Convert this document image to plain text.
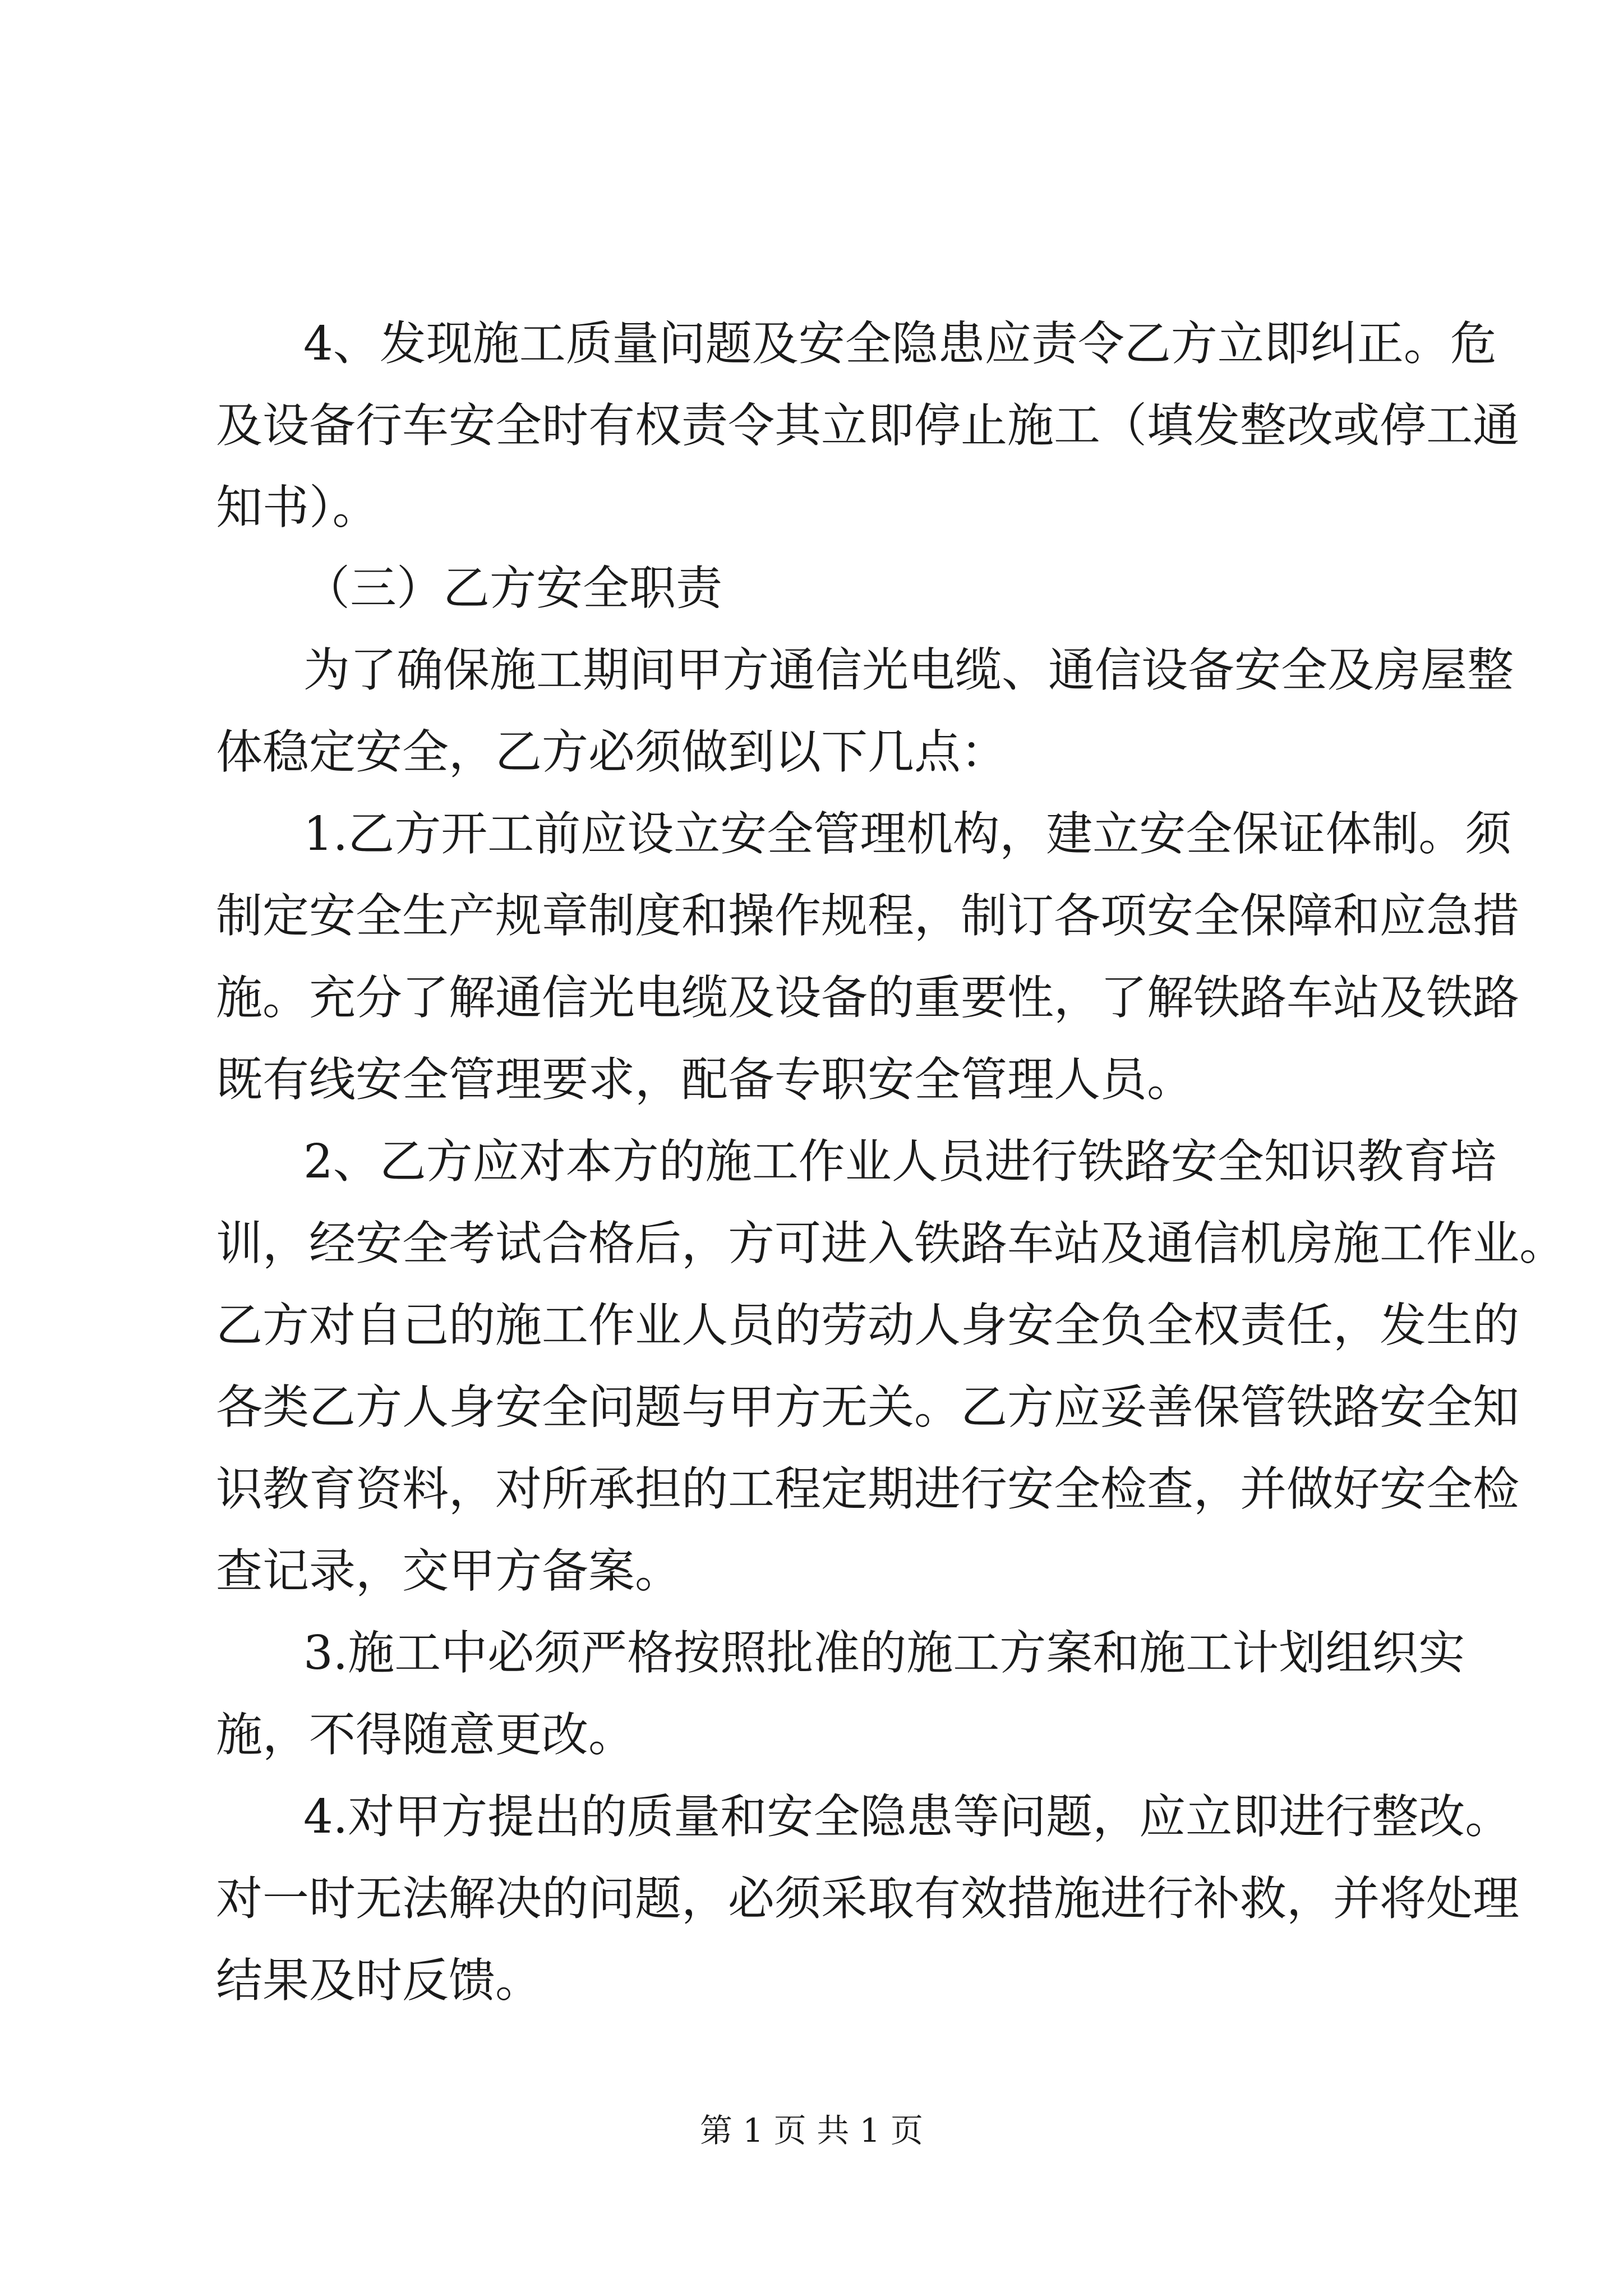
4、发现施工质量问题及安全隐患应责令乙方立即纠正。危
及设备行车安全时有权责令其立即停止施工（填发整改或停工通
知书）。
（三）乙方安全职责
为了确保施工期间甲方通信光电缆、通信设备安全及房屋整
体稳定安全，乙方必须做到以下几点：
1.乙方开工前应设立安全管理机构，建立安全保证体制。须
制定安全生产规章制度和操作规程，制订各项安全保障和应急措
施。充分了解通信光电缆及设备的重要性，了解铁路车站及铁路
既有线安全管理要求，配备专职安全管理人员。
2、乙方应对本方的施工作业人员进行铁路安全知识教育培
训，经安全考试合格后，方可进入铁路车站及通信机房施工作业。
乙方对自己的施工作业人员的劳动人身安全负全权责任，发生的
各类乙方人身安全问题与甲方无关。乙方应妥善保管铁路安全知
识教育资料，对所承担的工程定期进行安全检查，并做好安全检
查记录，交甲方备案。
3.施工中必须严格按照批准的施工方案和施工计划组织实
施，不得随意更改。
4.对甲方提出的质量和安全隐患等问题，应立即进行整改。
对一时无法解决的问题，必须采取有效措施进行补救，并将处理
结果及时反馈。
第 1 页 共 1 页
